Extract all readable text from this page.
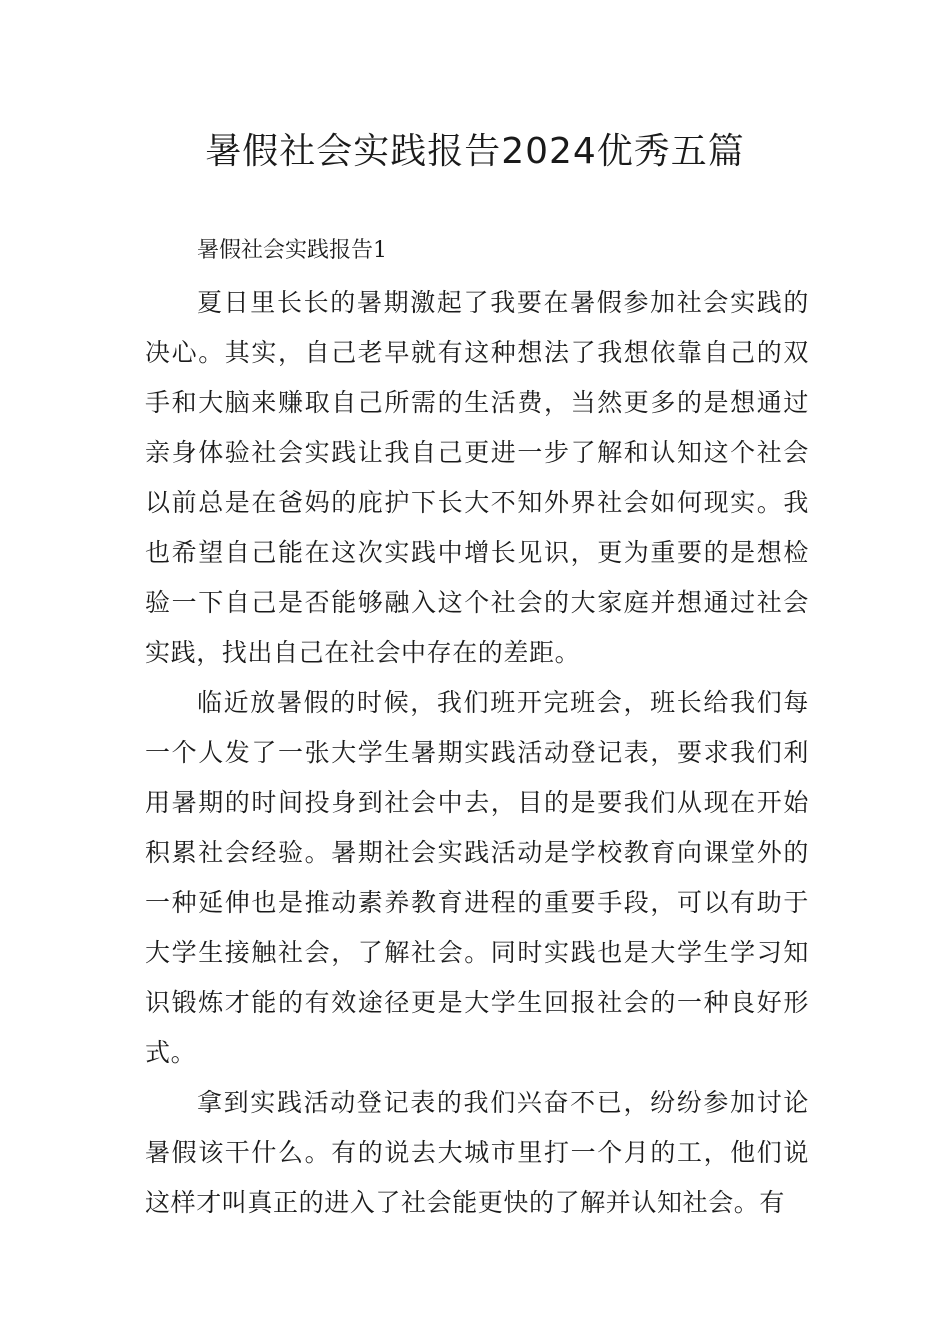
暑假社会实践报告2024优秀五篇

暑假社会实践报告1

夏日里长长的暑期激起了我要在暑假参加社会实践的决心。其实，自己老早就有这种想法了我想依靠自己的双手和大脑来赚取自己所需的生活费，当然更多的是想通过亲身体验社会实践让我自己更进一步了解和认知这个社会以前总是在爸妈的庇护下长大不知外界社会如何现实。我也希望自己能在这次实践中增长见识，更为重要的是想检验一下自己是否能够融入这个社会的大家庭并想通过社会实践，找出自己在社会中存在的差距。

临近放暑假的时候，我们班开完班会，班长给我们每一个人发了一张大学生暑期实践活动登记表，要求我们利用暑期的时间投身到社会中去，目的是要我们从现在开始积累社会经验。暑期社会实践活动是学校教育向课堂外的一种延伸也是推动素养教育进程的重要手段，可以有助于大学生接触社会，了解社会。同时实践也是大学生学习知识锻炼才能的有效途径更是大学生回报社会的一种良好形式。

拿到实践活动登记表的我们兴奋不已，纷纷参加讨论暑假该干什么。有的说去大城市里打一个月的工，他们说这样才叫真正的进入了社会能更快的了解并认知社会。有
